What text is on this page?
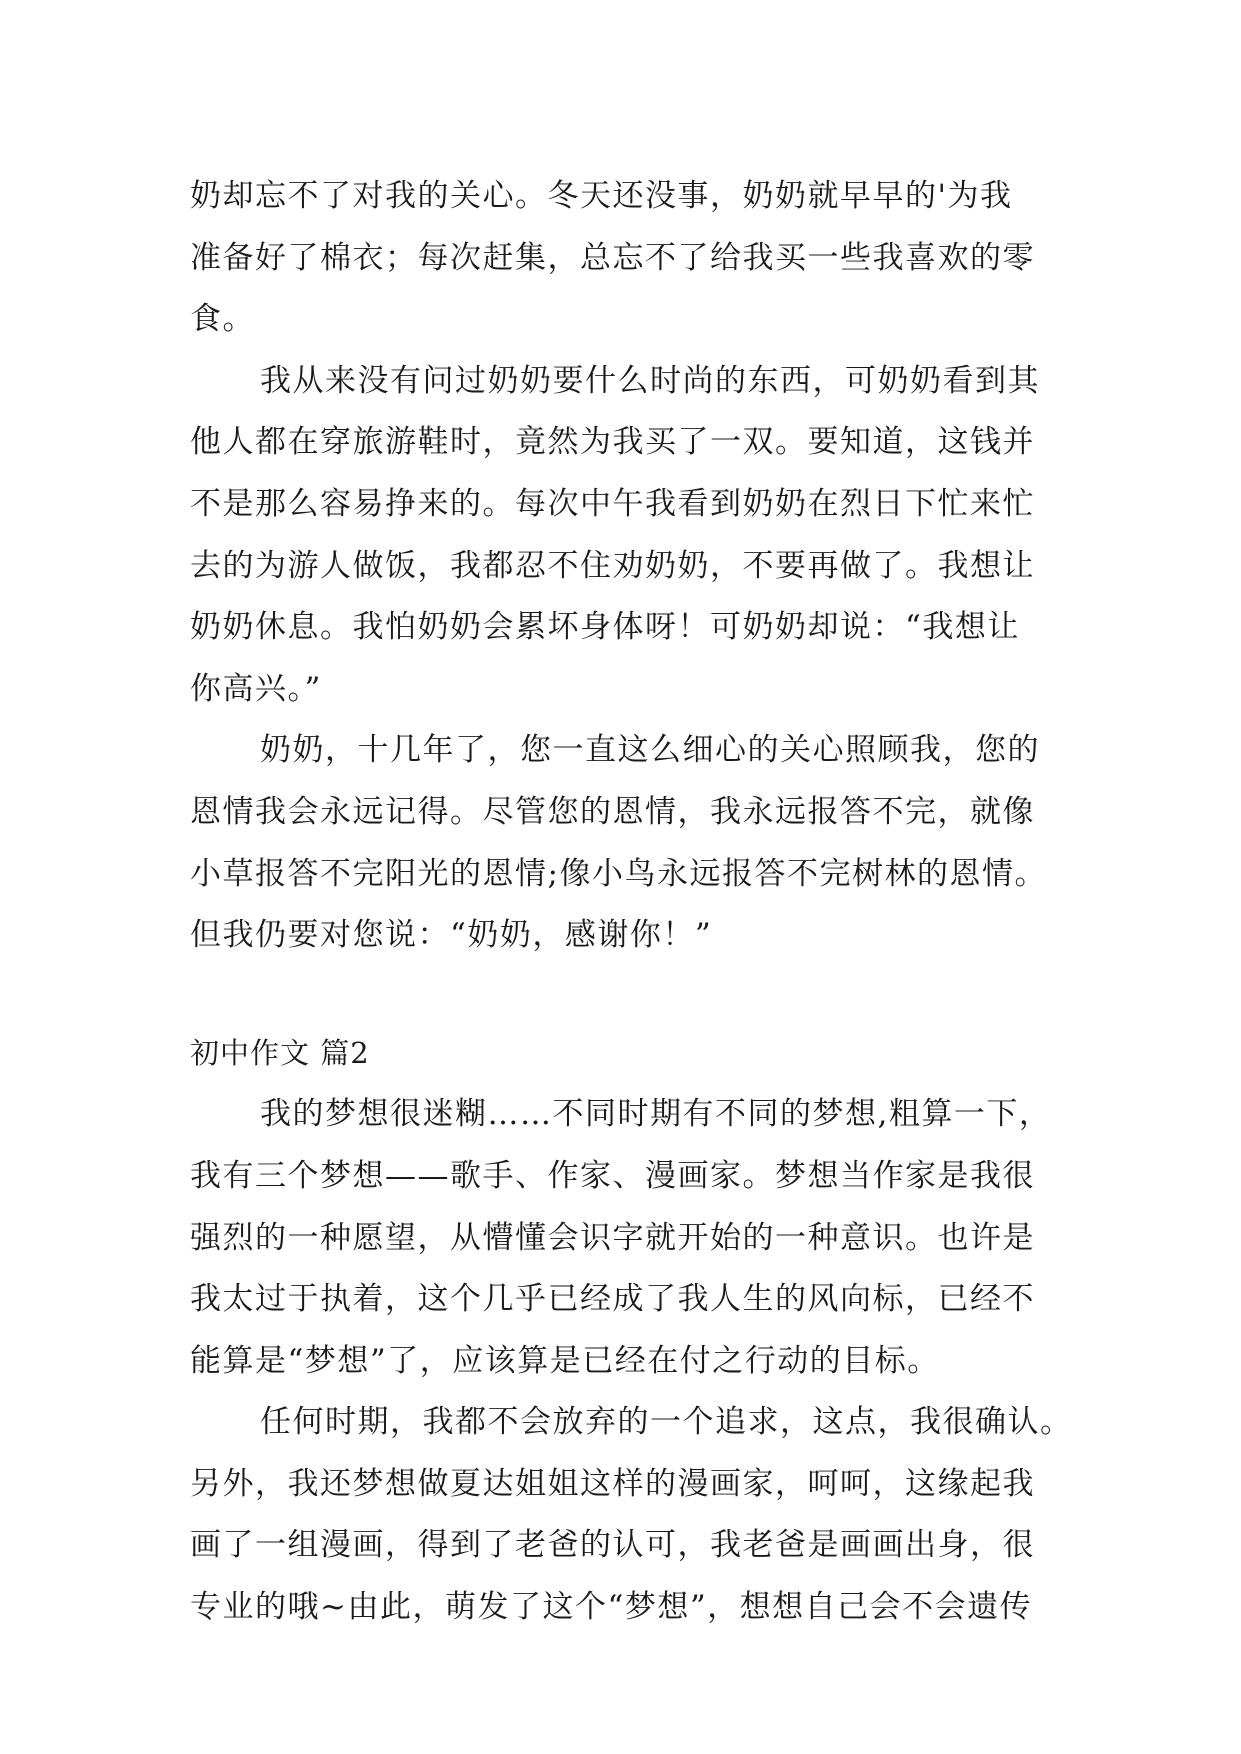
奶却忘不了对我的关心。冬天还没事，奶奶就早早的'为我
准备好了棉衣；每次赶集，总忘不了给我买一些我喜欢的零
食。
我从来没有问过奶奶要什么时尚的东西，可奶奶看到其
他人都在穿旅游鞋时，竟然为我买了一双。要知道，这钱并
不是那么容易挣来的。每次中午我看到奶奶在烈日下忙来忙
去的为游人做饭，我都忍不住劝奶奶，不要再做了。我想让
奶奶休息。我怕奶奶会累坏身体呀！可奶奶却说：“我想让
你高兴。”
奶奶，十几年了，您一直这么细心的关心照顾我，您的
恩情我会永远记得。尽管您的恩情，我永远报答不完，就像
小草报答不完阳光的恩情;像小鸟永远报答不完树林的恩情。
但我仍要对您说：“奶奶，感谢你！”
初中作文 篇2
我的梦想很迷糊……不同时期有不同的梦想,粗算一下，
我有三个梦想——歌手、作家、漫画家。梦想当作家是我很
强烈的一种愿望，从懵懂会识字就开始的一种意识。也许是
我太过于执着，这个几乎已经成了我人生的风向标，已经不
能算是“梦想”了，应该算是已经在付之行动的目标。
任何时期，我都不会放弃的一个追求，这点，我很确认。
另外，我还梦想做夏达姐姐这样的漫画家，呵呵，这缘起我
画了一组漫画，得到了老爸的认可，我老爸是画画出身，很
专业的哦~由此，萌发了这个“梦想”，想想自己会不会遗传
